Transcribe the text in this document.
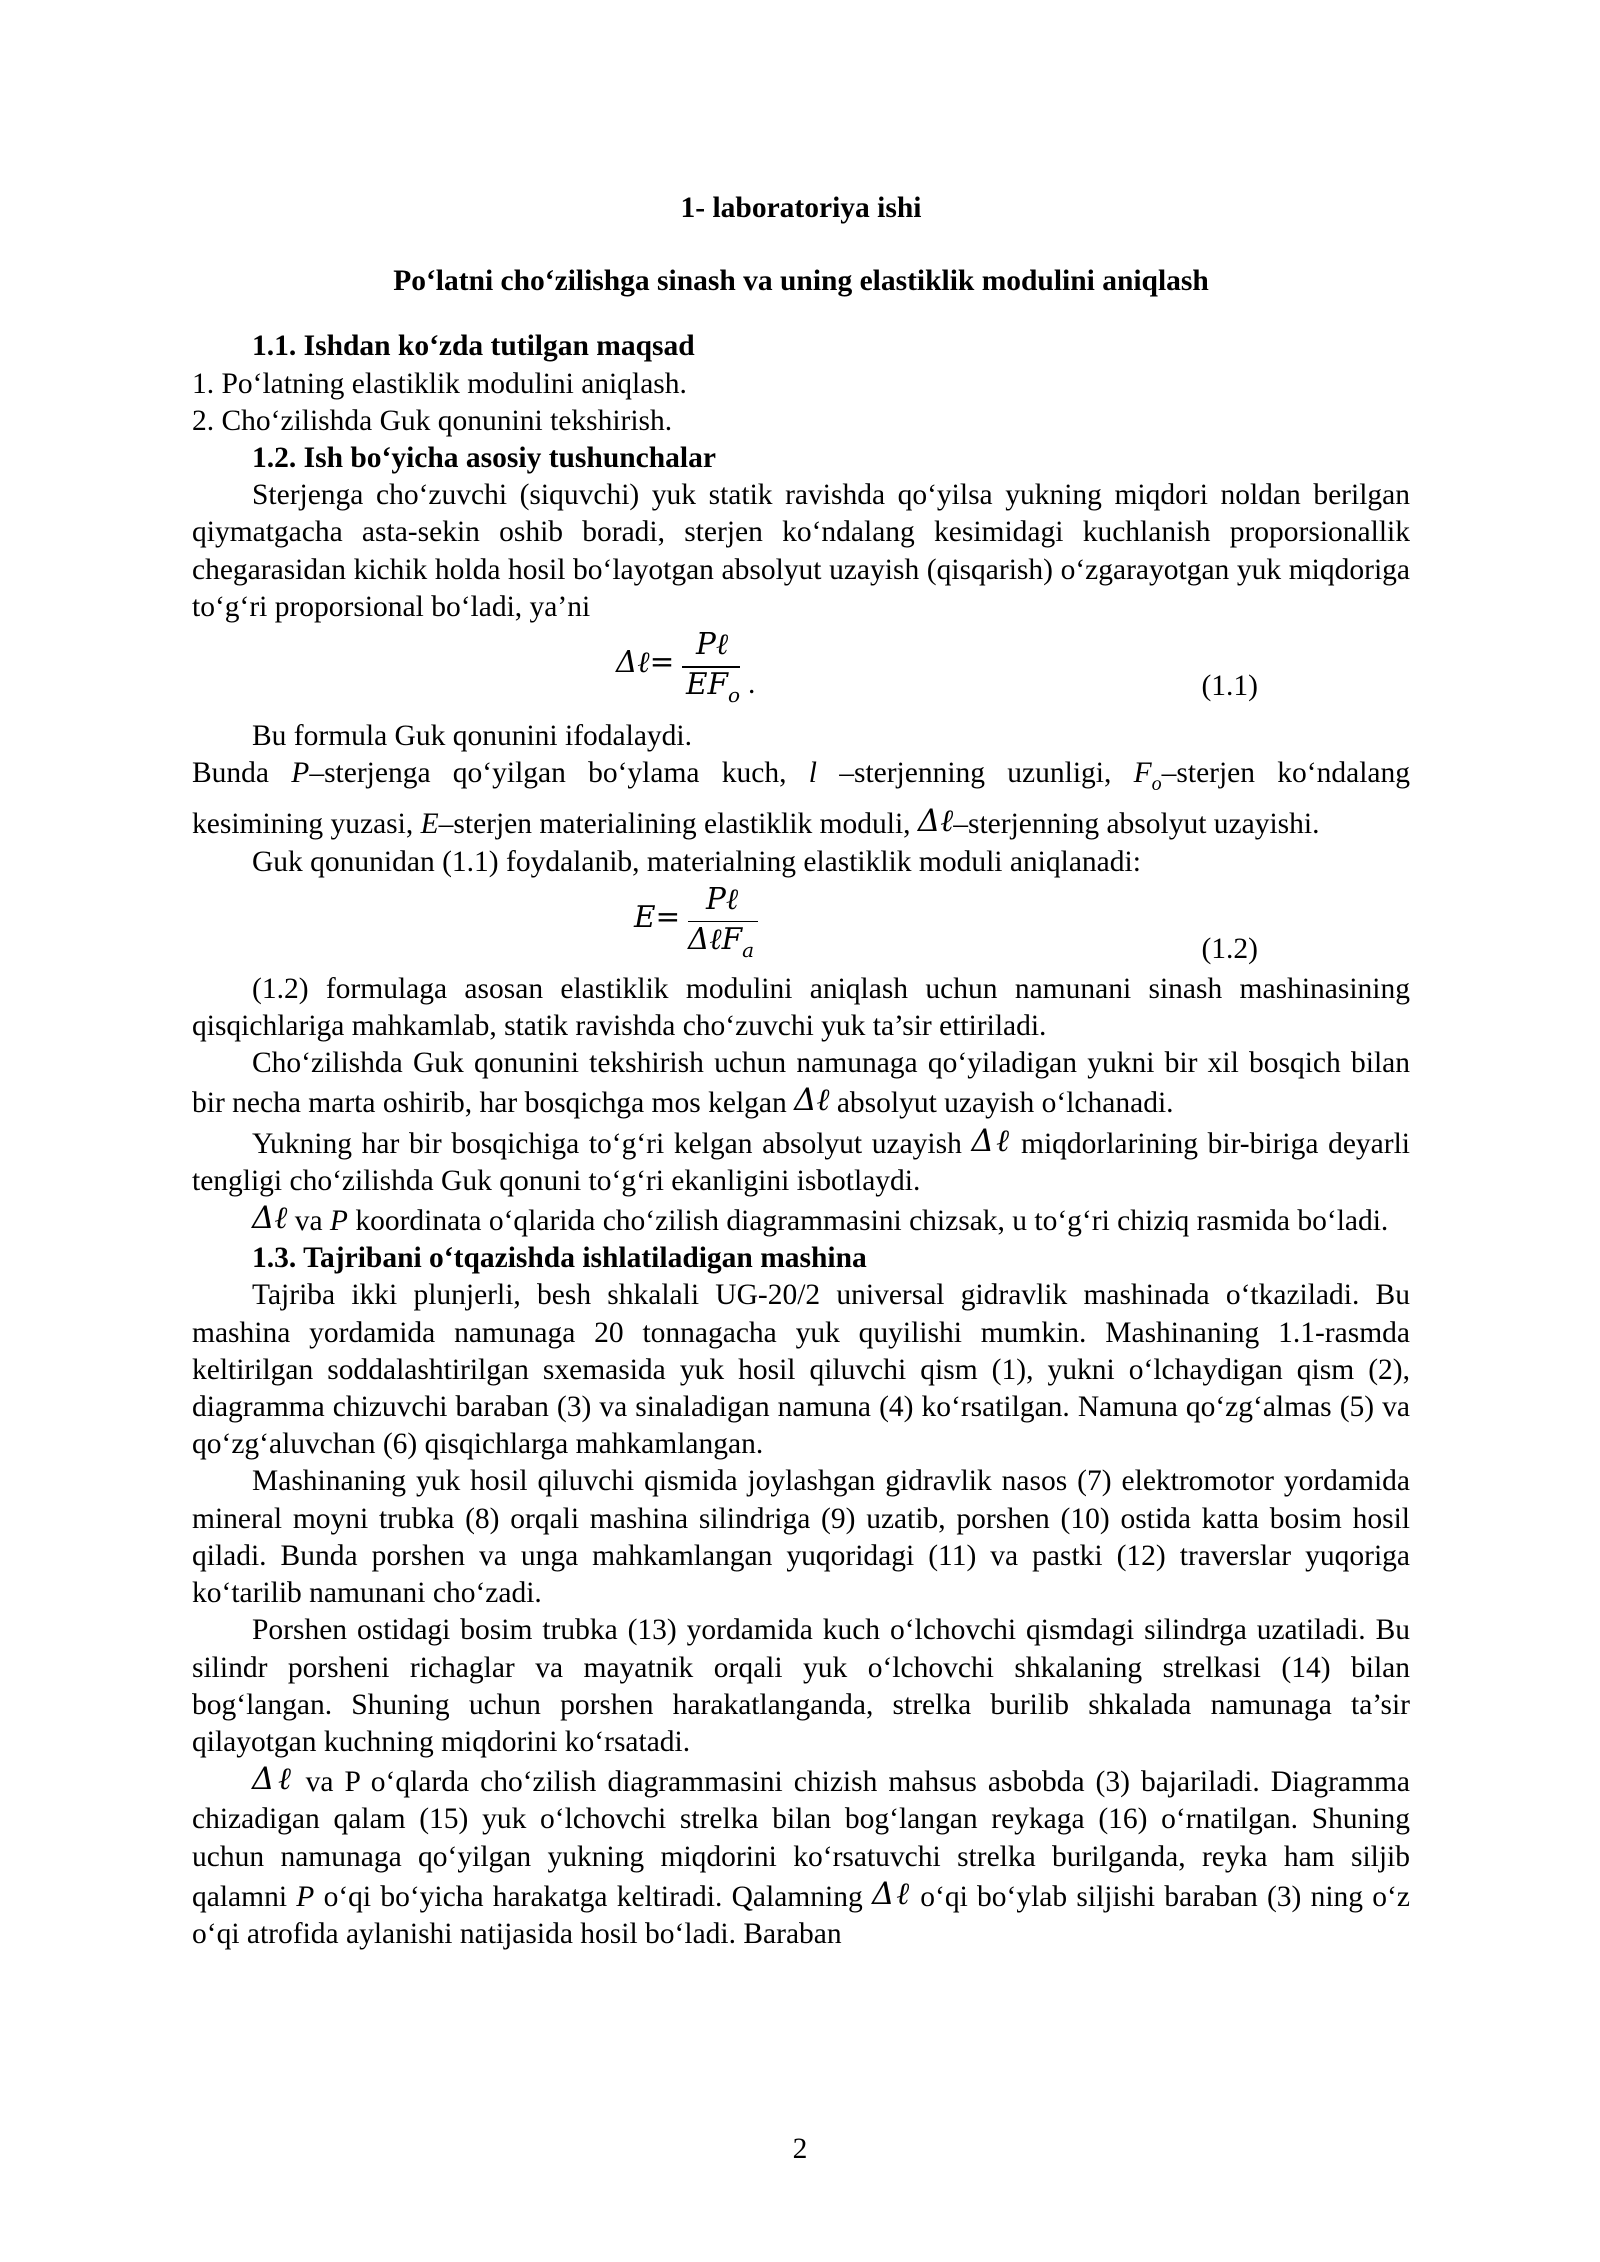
1- laboratoriya ishi
Po‘latni cho‘zilishga sinash va uning elastiklik modulini aniqlash
1.1. Ishdan ko‘zda tutilgan maqsad
1. Po‘latning elastiklik modulini aniqlash.
2. Cho‘zilishda Guk qonunini tekshirish.
1.2. Ish bo‘yicha asosiy tushunchalar
Sterjenga cho‘zuvchi (siquvchi) yuk statik ravishda qo‘yilsa yukning miqdori noldan berilgan qiymatgacha asta-sekin oshib boradi, sterjen ko‘ndalang kesimidagi kuchlanish proporsionallik chegarasidan kichik holda hosil bo‘layotgan absolyut uzayish (qisqarish) o‘zgarayotgan yuk miqdoriga to‘g‘ri proporsional bo‘ladi, ya’ni
Δℓ=
Pℓ
$EF_o$ .	(1.1)
Bu formula Guk qonunini ifodalaydi.
Bunda P–sterjenga qo‘yilgan bo‘ylama kuch, l –sterjenning uzunligi, $F_o$–sterjen ko‘ndalang kesimining yuzasi, E–sterjen materialining elastiklik moduli, Δℓ–sterjenning absolyut uzayishi.
Guk qonunidan (1.1) foydalanib, materialning elastiklik moduli aniqlanadi:
E=
Pℓ
ΔℓF$_a$	(1.2)
(1.2) formulaga asosan elastiklik modulini aniqlash uchun namunani sinash mashinasining qisqichlariga mahkamlab, statik ravishda cho‘zuvchi yuk ta’sir ettiriladi.
Cho‘zilishda Guk qonunini tekshirish uchun namunaga qo‘yiladigan yukni bir xil bosqich bilan bir necha marta oshirib, har bosqichga mos kelgan Δℓ absolyut uzayish o‘lchanadi.
Yukning har bir bosqichiga to‘g‘ri kelgan absolyut uzayish Δℓ miqdorlarining bir-biriga deyarli tengligi cho‘zilishda Guk qonuni to‘g‘ri ekanligini isbotlaydi.
Δℓ va P koordinata o‘qlarida cho‘zilish diagrammasini chizsak, u to‘g‘ri chiziq rasmida bo‘ladi.
1.3. Tajribani o‘tqazishda ishlatiladigan mashina
Tajriba ikki plunjerli, besh shkalali UG-20/2 universal gidravlik mashinada o‘tkaziladi. Bu mashina yordamida namunaga 20 tonnagacha yuk quyilishi mumkin. Mashinaning 1.1-rasmda keltirilgan soddalashtirilgan sxemasida yuk hosil qiluvchi qism (1), yukni o‘lchaydigan qism (2), diagramma chizuvchi baraban (3) va sinaladigan namuna (4) ko‘rsatilgan. Namuna qo‘zg‘almas (5) va qo‘zg‘aluvchan (6) qisqichlarga mahkamlangan.
Mashinaning yuk hosil qiluvchi qismida joylashgan gidravlik nasos (7) elektromotor yordamida mineral moyni trubka (8) orqali mashina silindriga (9) uzatib, porshen (10) ostida katta bosim hosil qiladi. Bunda porshen va unga mahkamlangan yuqoridagi (11) va pastki (12) traverslar yuqoriga ko‘tarilib namunani cho‘zadi.
Porshen ostidagi bosim trubka (13) yordamida kuch o‘lchovchi qismdagi silindrga uzatiladi. Bu silindr porsheni richaglar va mayatnik orqali yuk o‘lchovchi shkalaning strelkasi (14) bilan bog‘langan. Shuning uchun porshen harakatlanganda, strelka burilib shkalada namunaga ta’sir qilayotgan kuchning miqdorini ko‘rsatadi.
Δℓ va P o‘qlarda cho‘zilish diagrammasini chizish mahsus asbobda (3) bajariladi. Diagramma chizadigan qalam (15) yuk o‘lchovchi strelka bilan bog‘langan reykaga (16) o‘rnatilgan. Shuning uchun namunaga qo‘yilgan yukning miqdorini ko‘rsatuvchi strelka burilganda, reyka ham siljib qalamni P o‘qi bo‘yicha harakatga keltiradi. Qalamning Δℓ o‘qi bo‘ylab siljishi baraban (3) ning o‘z o‘qi atrofida aylanishi natijasida hosil bo‘ladi. Baraban
2
